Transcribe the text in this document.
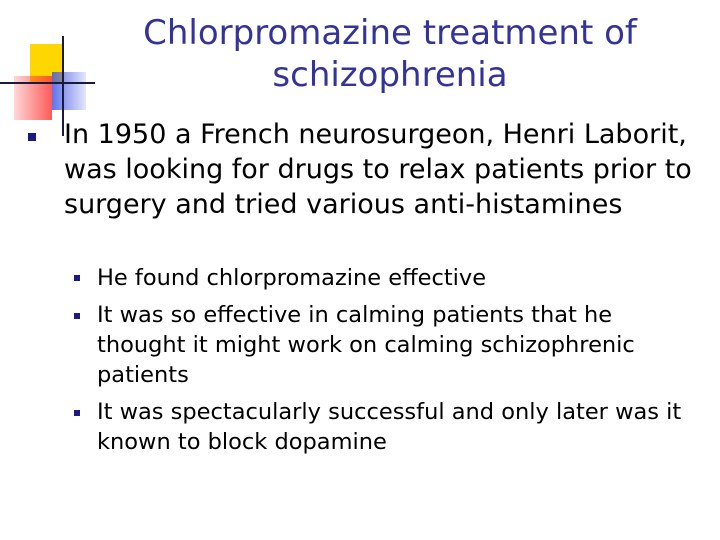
Chlorpromazine treatment of schizophrenia

In 1950 a French neurosurgeon, Henri Laborit, was looking for drugs to relax patients prior to surgery and tried various anti-histamines

He found chlorpromazine effective

It was so effective in calming patients that he thought it might work on calming schizophrenic patients

It was spectacularly successful and only later was it known to block dopamine
